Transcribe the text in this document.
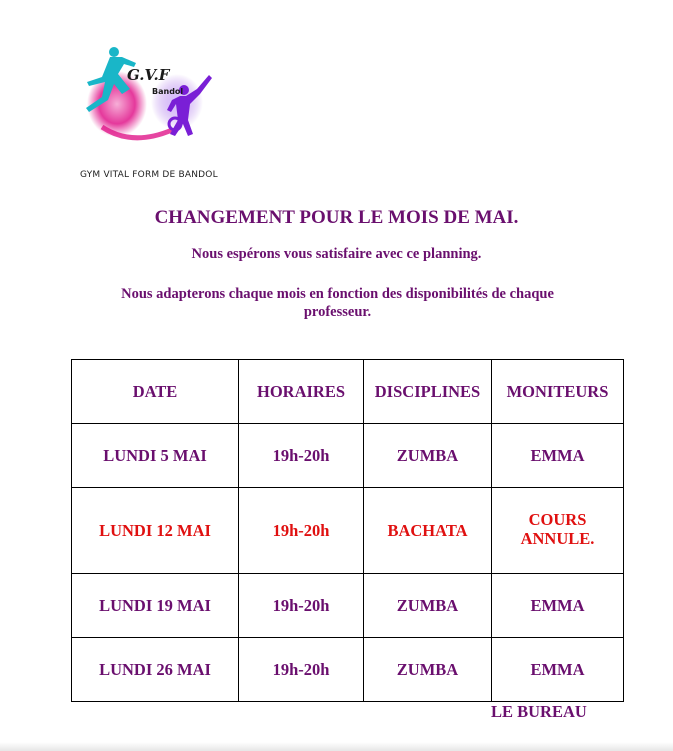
G.V.F
Bandol
GYM VITAL FORM DE BANDOL
CHANGEMENT POUR LE MOIS DE MAI.
Nous espérons vous satisfaire avec ce planning.
Nous adapterons chaque mois en fonction des disponibilités de chaque professeur.
DATE	HORAIRES	DISCIPLINES	MONITEURS
LUNDI 5 MAI	19h-20h	ZUMBA	EMMA
LUNDI 12 MAI	19h-20h	BACHATA	COURS ANNULE.
LUNDI 19 MAI	19h-20h	ZUMBA	EMMA
LUNDI 26 MAI	19h-20h	ZUMBA	EMMA
LE BUREAU
